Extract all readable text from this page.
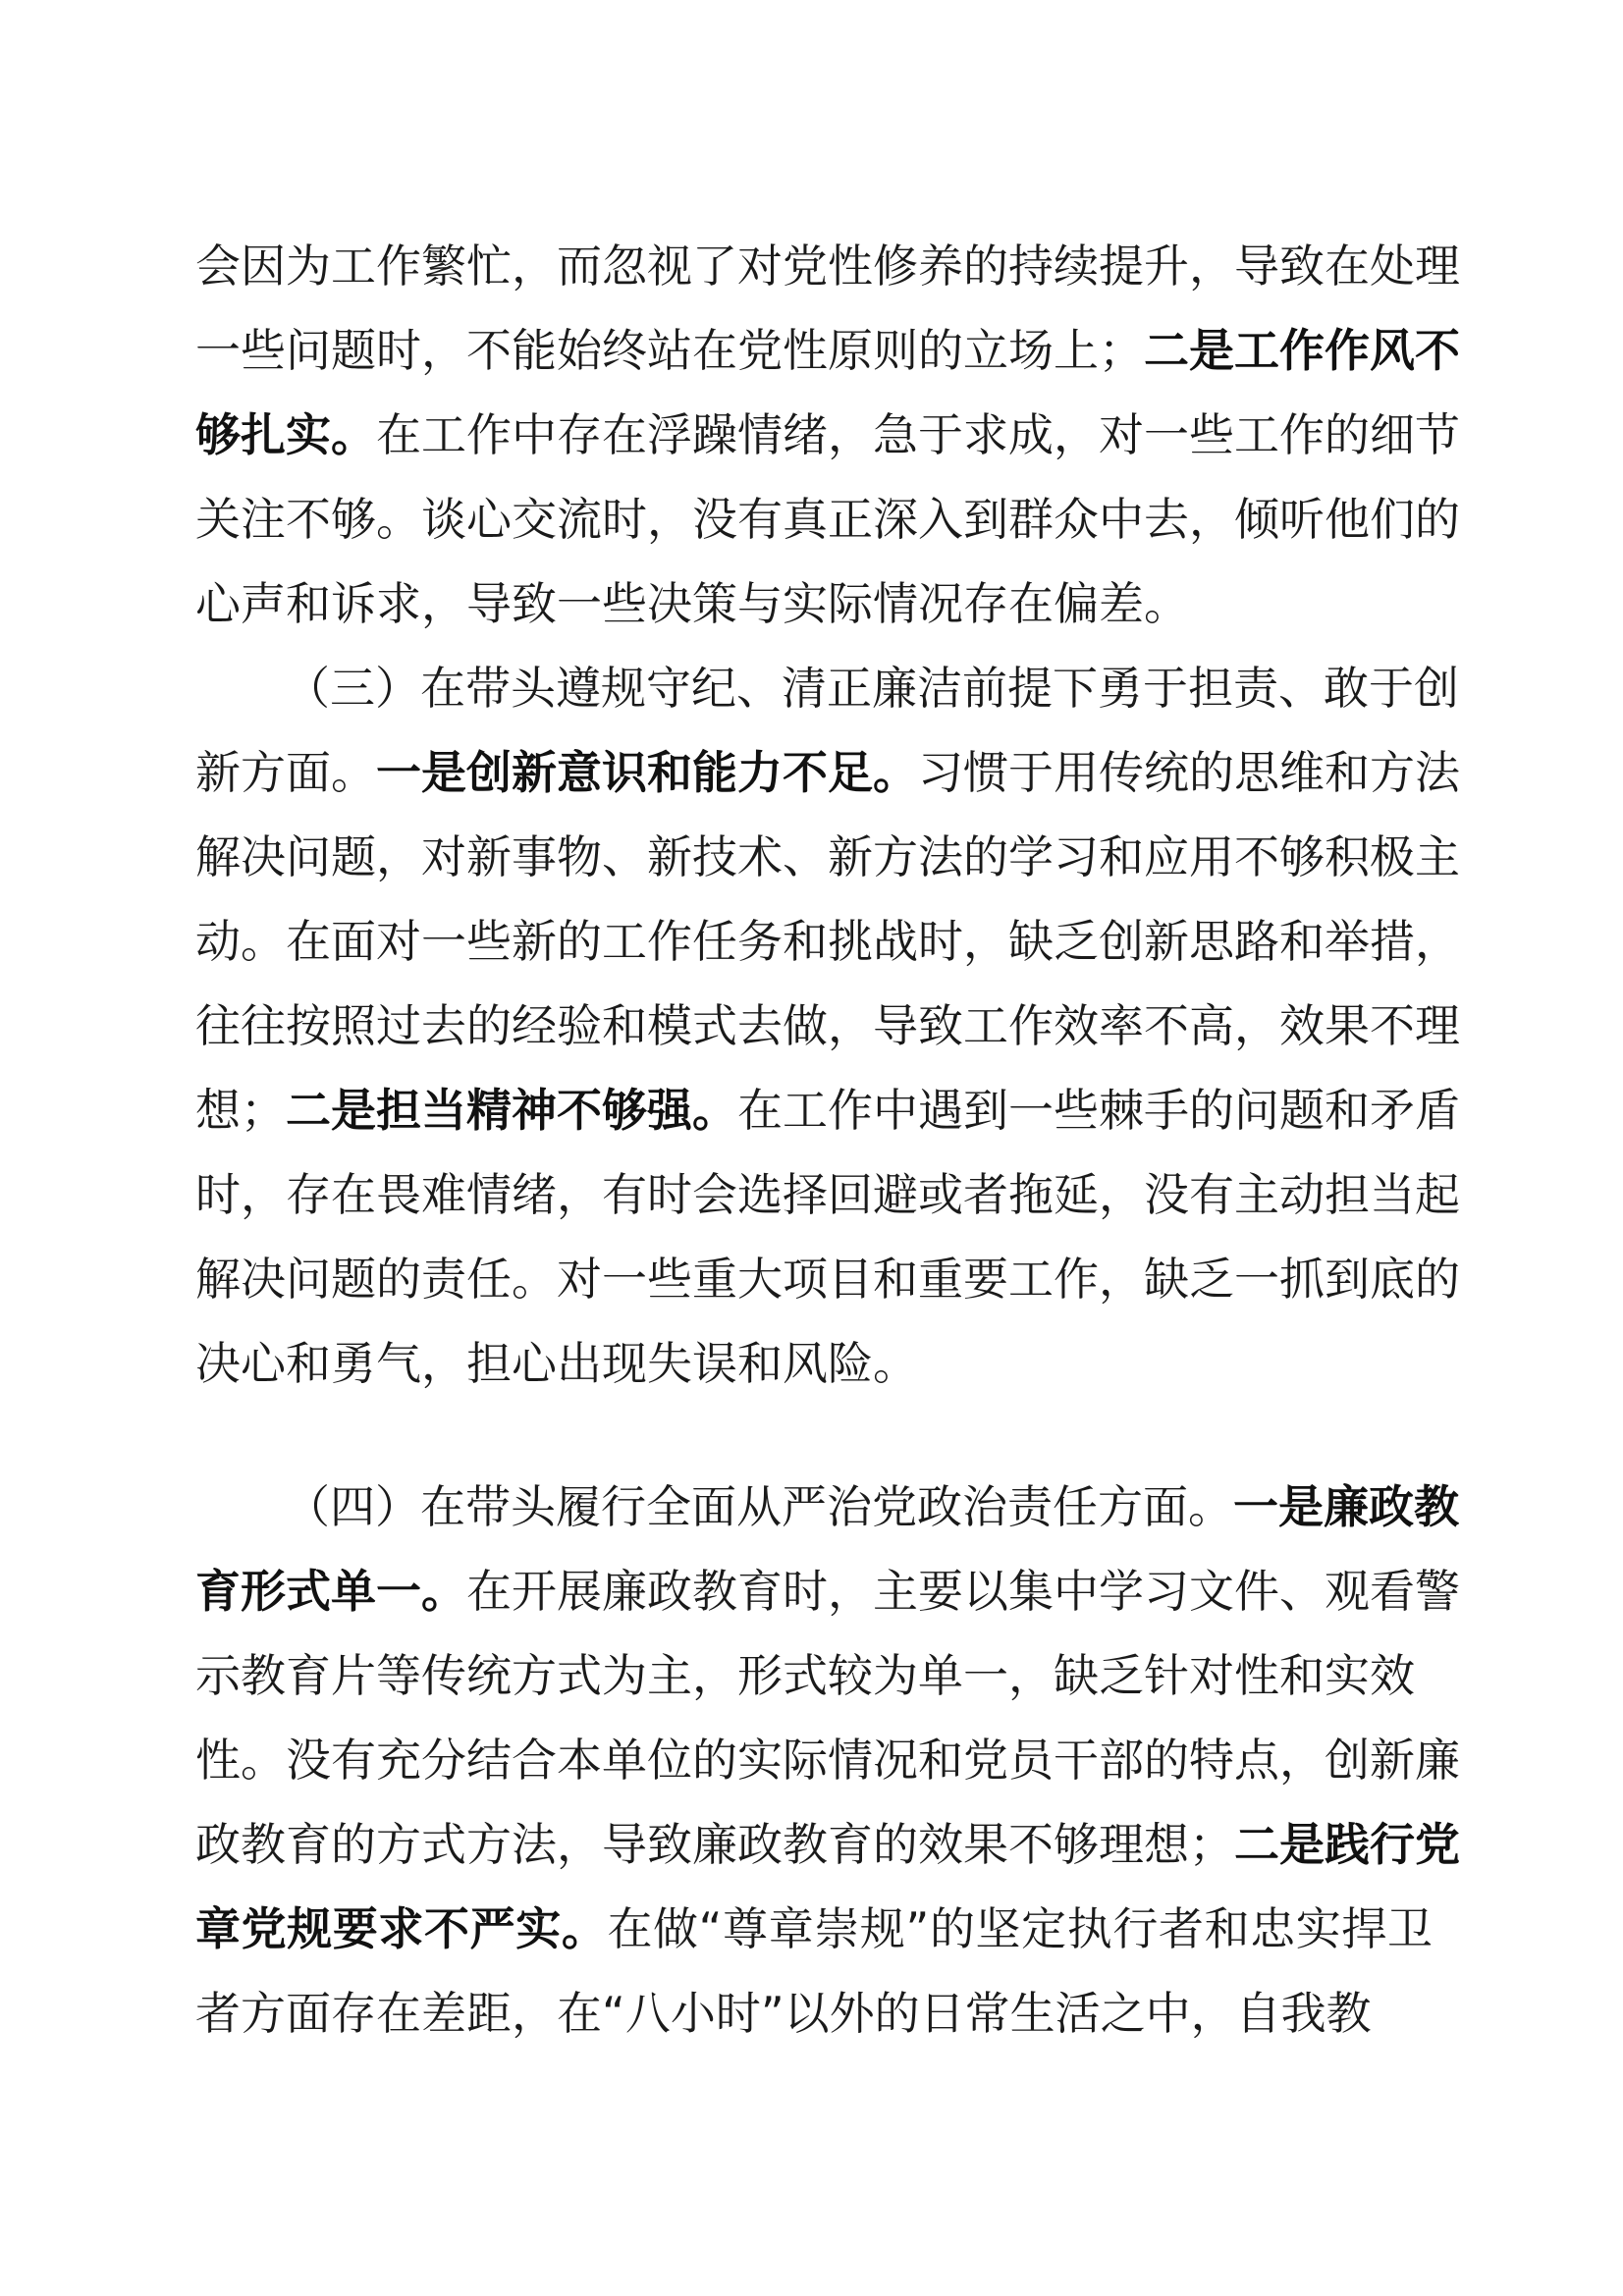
会因为工作繁忙，而忽视了对党性修养的持续提升，导致在处理
一些问题时，不能始终站在党性原则的立场上；二是工作作风不
够扎实。在工作中存在浮躁情绪，急于求成，对一些工作的细节
关注不够。谈心交流时，没有真正深入到群众中去，倾听他们的
心声和诉求，导致一些决策与实际情况存在偏差。
（三）在带头遵规守纪、清正廉洁前提下勇于担责、敢于创
新方面。一是创新意识和能力不足。习惯于用传统的思维和方法
解决问题，对新事物、新技术、新方法的学习和应用不够积极主
动。在面对一些新的工作任务和挑战时，缺乏创新思路和举措，
往往按照过去的经验和模式去做，导致工作效率不高，效果不理
想；二是担当精神不够强。在工作中遇到一些棘手的问题和矛盾
时，存在畏难情绪，有时会选择回避或者拖延，没有主动担当起
解决问题的责任。对一些重大项目和重要工作，缺乏一抓到底的
决心和勇气，担心出现失误和风险。
（四）在带头履行全面从严治党政治责任方面。一是廉政教
育形式单一。在开展廉政教育时，主要以集中学习文件、观看警
示教育片等传统方式为主，形式较为单一，缺乏针对性和实效
性。没有充分结合本单位的实际情况和党员干部的特点，创新廉
政教育的方式方法，导致廉政教育的效果不够理想；二是践行党
章党规要求不严实。在做“尊章崇规”的坚定执行者和忠实捍卫
者方面存在差距，在“八小时”以外的日常生活之中，自我教
